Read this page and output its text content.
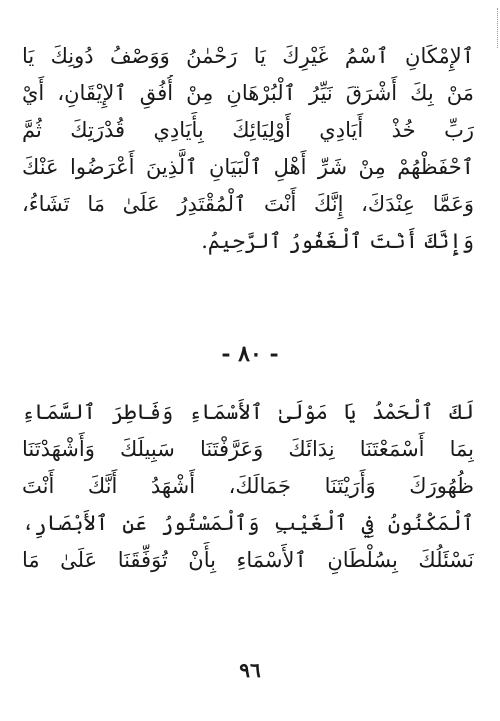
ٱلإِمْكَانِ ٱسْمُ غَيْرِكَ يَا رَحْمٰنُ وَوَصْفُ دُونِكَ يَا
مَنْ بِكَ أَشْرَقَ نَيِّرُ ٱلْبُرْهَانِ مِنْ أُفُقِ ٱلإِيْقَانِ، أَيْ
رَبِّ خُذْ أَيَادِي أَوْلِيَائِكَ بِأَيَادِي قُدْرَتِكَ ثُمَّ
ٱحْفَظْهُمْ مِنْ شَرِّ أَهْلِ ٱلْبَيَانِ ٱلَّذِينَ أَعْرَضُوا عَنْكَ
وَعَمَّا عِنْدَكَ، إِنَّكَ أَنْتَ ٱلْمُقْتَدِرُ عَلَىٰ مَا تَشَاءُ،
وَإِنَّكَ أَنْتَ ٱلْغَفُورُ ٱلرَّحِيمُ.
- ٨٠ -
لَكَ ٱلْحَمْدُ يَا مَوْلَىٰ ٱلأَسْمَاءِ وَفَاطِرَ ٱلسَّمَاءِ
بِمَا أَسْمَعْتَنَا نِدَائَكَ وَعَرَّفْتَنَا سَبِيلَكَ وَأَشْهَدْتَنَا
ظُهُورَكَ وَأَرَيْتَنَا جَمَالَكَ، أَشْهَدُ أَنَّكَ أَنْتَ
ٱلْمَكْنُونُ فِي ٱلْغَيْبِ وَٱلْمَسْتُورُ عَنِ ٱلأَبْصَارِ،
نَسْئَلُكَ بِسُلْطَانِ ٱلأَسْمَاءِ بِأَنْ تُوَفِّقَنَا عَلَىٰ مَا
٩٦
